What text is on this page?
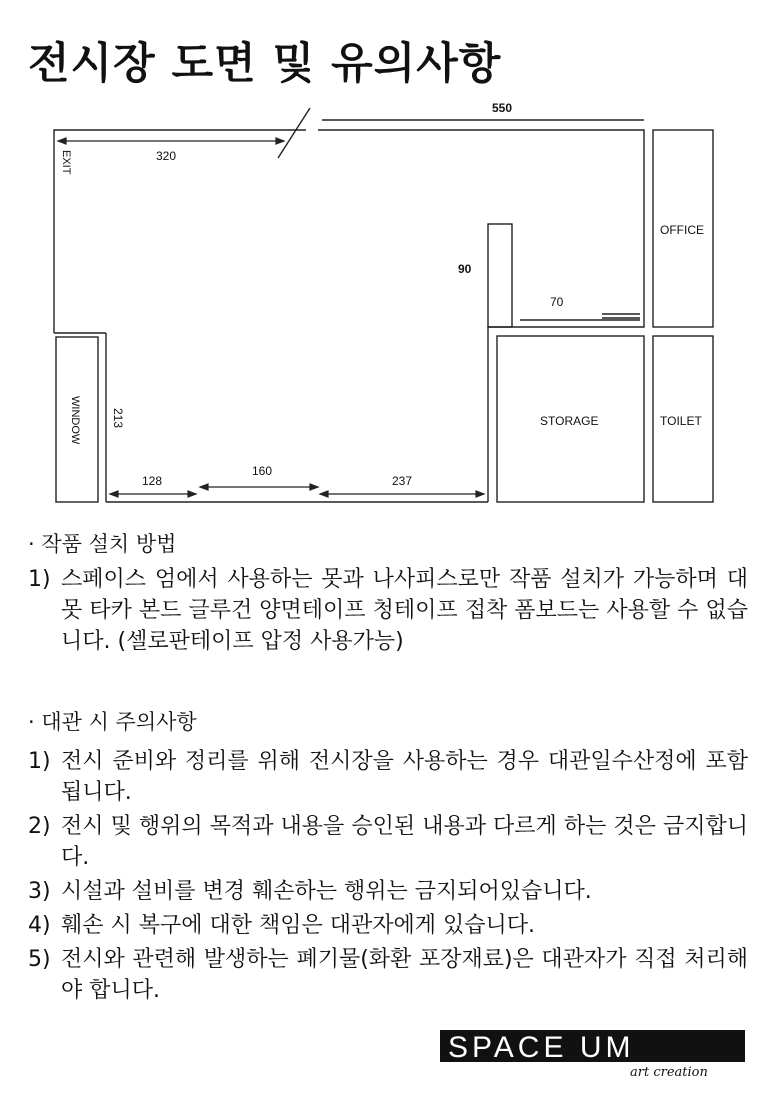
전시장 도면 및 유의사항
550
320
EXIT
90
70
OFFICE
WINDOW	213	STORAGE	TOILET
128
160
237

· 작품 설치 방법

1) 스페이스 엄에서 사용하는 못과 나사피스로만 작품 설치가 가능하며 대못 타카 본드 글루건 양면테이프 청테이프 접착 폼보드는 사용할 수 없습니다. (셀로판테이프 압정 사용가능)

· 대관 시 주의사항

1) 전시 준비와 정리를 위해 전시장을 사용하는 경우 대관일수산정에 포함됩니다.
2) 전시 및 행위의 목적과 내용을 승인된 내용과 다르게 하는 것은 금지합니다.
3) 시설과 설비를 변경 훼손하는 행위는 금지되어있습니다.
4) 훼손 시 복구에 대한 책임은 대관자에게 있습니다.
5) 전시와 관련해 발생하는 폐기물(화환 포장재료)은 대관자가 직접 처리해야 합니다.
SPACE UM
art creation
